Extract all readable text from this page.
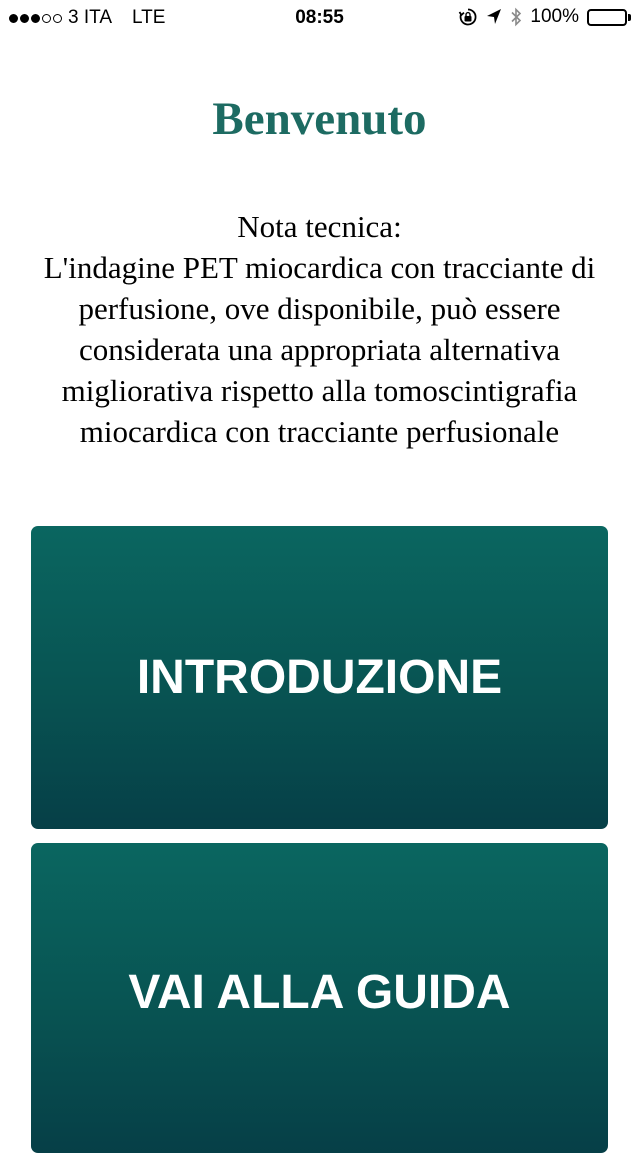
3 ITA LTE	08:55	100%
Benvenuto
Nota tecnica:
L'indagine PET miocardica con tracciante di
perfusione, ove disponibile, può essere
considerata una appropriata alternativa
migliorativa rispetto alla tomoscintigrafia
miocardica con tracciante perfusionale
INTRODUZIONE
VAI ALLA GUIDA
